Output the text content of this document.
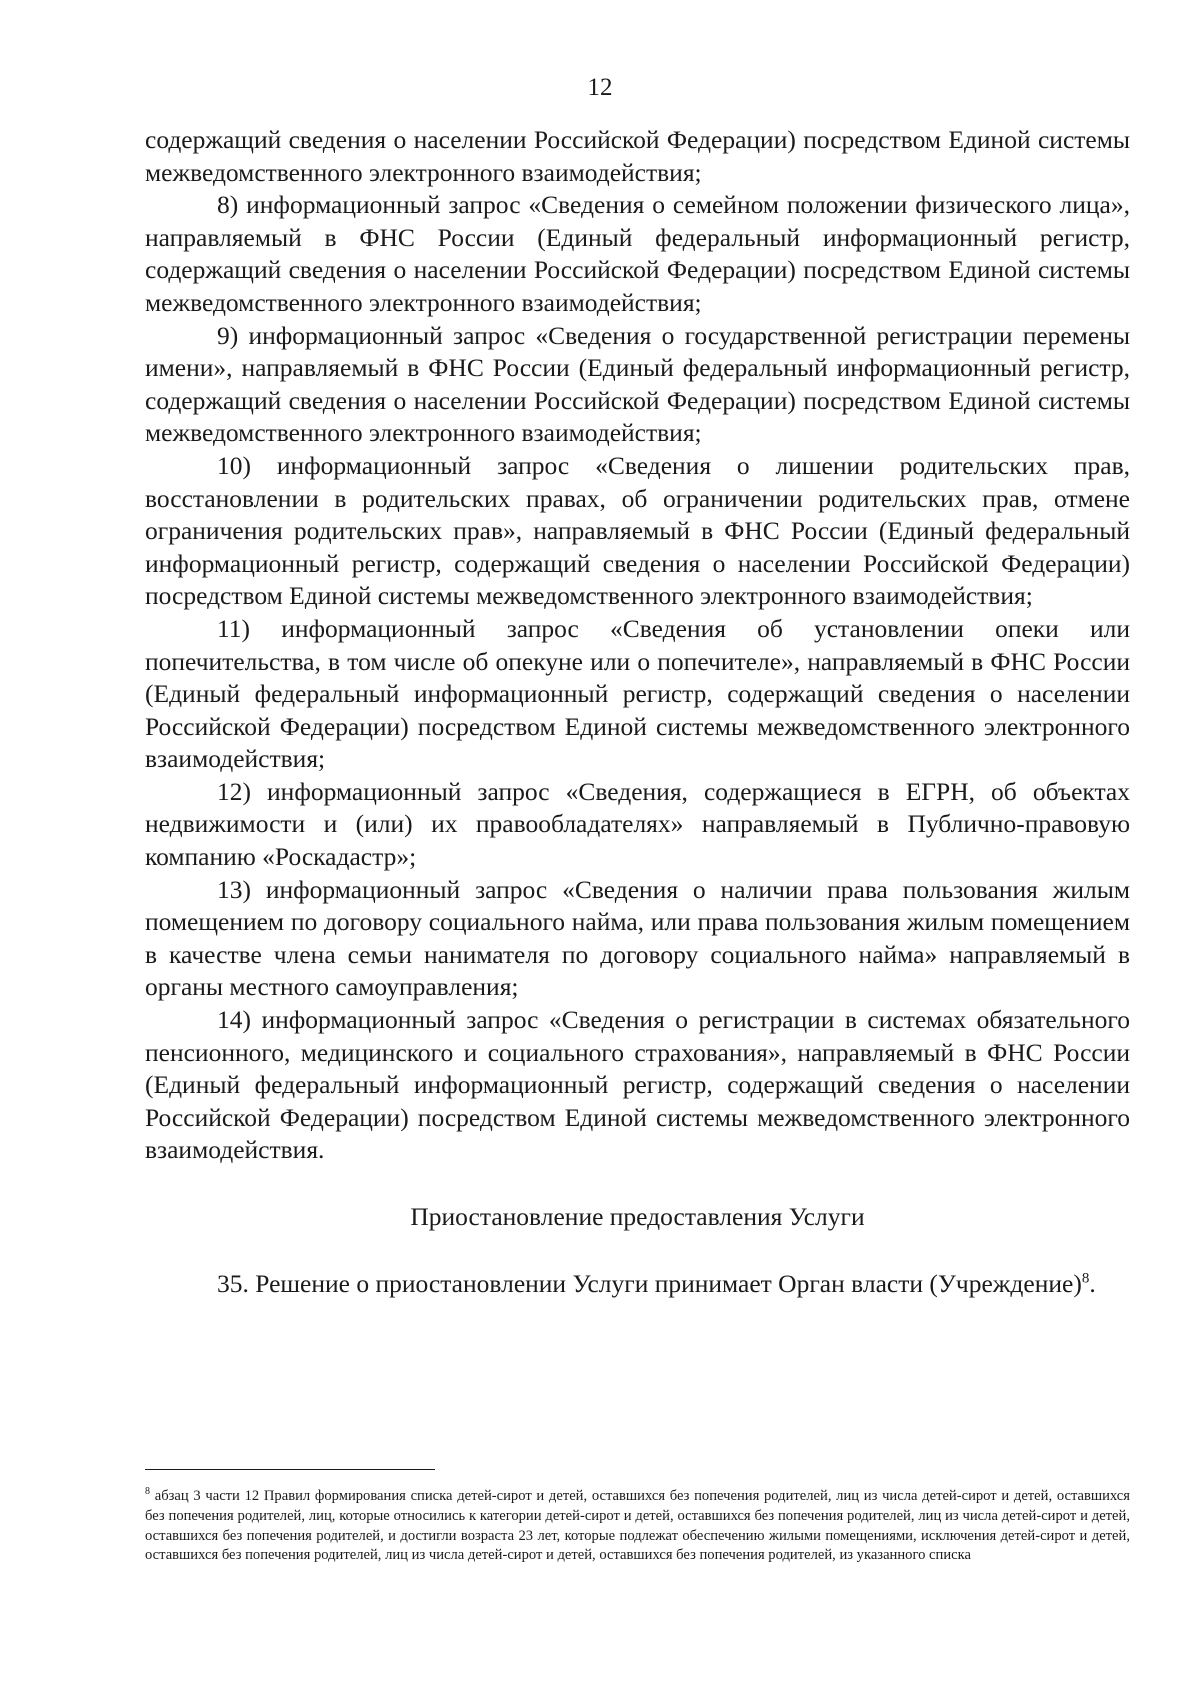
12

содержащий сведения о населении Российской Федерации) посредством Единой системы межведомственного электронного взаимодействия;

8) информационный запрос «Сведения о семейном положении физического лица», направляемый в ФНС России (Единый федеральный информационный регистр, содержащий сведения о населении Российской Федерации) посредством Единой системы межведомственного электронного взаимодействия;

9) информационный запрос «Сведения о государственной регистрации перемены имени», направляемый в ФНС России (Единый федеральный информационный регистр, содержащий сведения о населении Российской Федерации) посредством Единой системы межведомственного электронного взаимодействия;

10) информационный запрос «Сведения о лишении родительских прав, восстановлении в родительских правах, об ограничении родительских прав, отмене ограничения родительских прав», направляемый в ФНС России (Единый федеральный информационный регистр, содержащий сведения о населении Российской Федерации) посредством Единой системы межведомственного электронного взаимодействия;

11) информационный запрос «Сведения об установлении опеки или попечительства, в том числе об опекуне или о попечителе», направляемый в ФНС России (Единый федеральный информационный регистр, содержащий сведения о населении Российской Федерации) посредством Единой системы межведомственного электронного взаимодействия;

12) информационный запрос «Сведения, содержащиеся в ЕГРН, об объектах недвижимости и (или) их правообладателях» направляемый в Публично-правовую компанию «Роскадастр»;

13) информационный запрос «Сведения о наличии права пользования жилым помещением по договору социального найма, или права пользования жилым помещением в качестве члена семьи нанимателя по договору социального найма» направляемый в органы местного самоуправления;

14) информационный запрос «Сведения о регистрации в системах обязательного пенсионного, медицинского и социального страхования», направляемый в ФНС России (Единый федеральный информационный регистр, содержащий сведения о населении Российской Федерации) посредством Единой системы межведомственного электронного взаимодействия.

Приостановление предоставления Услуги

35. Решение о приостановлении Услуги принимает Орган власти (Учреждение)$^8$.

$^8$ абзац 3 части 12 Правил формирования списка детей-сирот и детей, оставшихся без попечения родителей, лиц из числа детей-сирот и детей, оставшихся без попечения родителей, лиц, которые относились к категории детей-сирот и детей, оставшихся без попечения родителей, лиц из числа детей-сирот и детей, оставшихся без попечения родителей, и достигли возраста 23 лет, которые подлежат обеспечению жилыми помещениями, исключения детей-сирот и детей, оставшихся без попечения родителей, лиц из числа детей-сирот и детей, оставшихся без попечения родителей, из указанного списка
